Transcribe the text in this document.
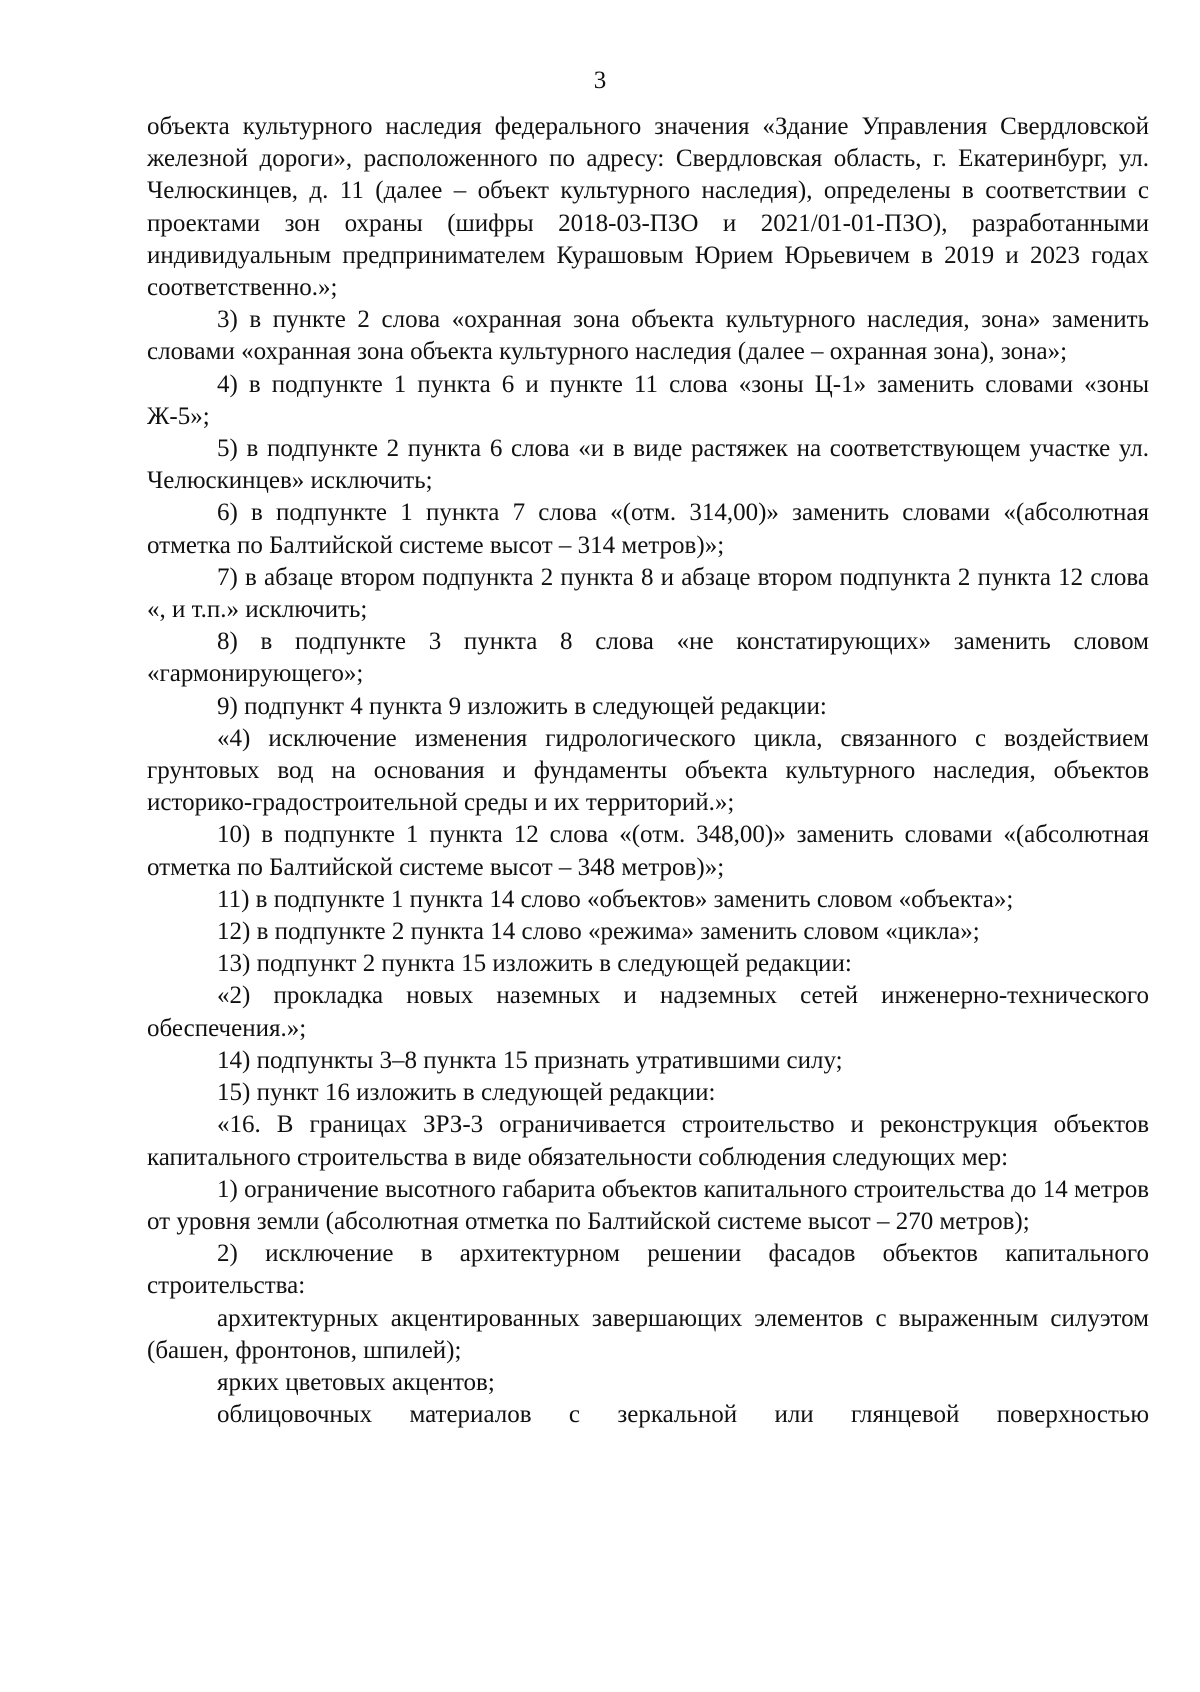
3

объекта культурного наследия федерального значения «Здание Управления Свердловской железной дороги», расположенного по адресу: Свердловская область, г. Екатеринбург, ул. Челюскинцев, д. 11 (далее – объект культурного наследия), определены в соответствии с проектами зон охраны (шифры 2018-03-ПЗО и 2021/01-01-ПЗО), разработанными индивидуальным предпринимателем Курашовым Юрием Юрьевичем в 2019 и 2023 годах соответственно.»;

3) в пункте 2 слова «охранная зона объекта культурного наследия, зона» заменить словами «охранная зона объекта культурного наследия (далее – охранная зона), зона»;

4) в подпункте 1 пункта 6 и пункте 11 слова «зоны Ц-1» заменить словами «зоны Ж-5»;

5) в подпункте 2 пункта 6 слова «и в виде растяжек на соответствующем участке ул. Челюскинцев» исключить;

6) в подпункте 1 пункта 7 слова «(отм. 314,00)» заменить словами «(абсолютная отметка по Балтийской системе высот – 314 метров)»;

7) в абзаце втором подпункта 2 пункта 8 и абзаце втором подпункта 2 пункта 12 слова «, и т.п.» исключить;

8) в подпункте 3 пункта 8 слова «не констатирующих» заменить словом «гармонирующего»;

9) подпункт 4 пункта 9 изложить в следующей редакции:

«4) исключение изменения гидрологического цикла, связанного с воздействием грунтовых вод на основания и фундаменты объекта культурного наследия, объектов историко-градостроительной среды и их территорий.»;

10) в подпункте 1 пункта 12 слова «(отм. 348,00)» заменить словами «(абсолютная отметка по Балтийской системе высот – 348 метров)»;

11) в подпункте 1 пункта 14 слово «объектов» заменить словом «объекта»;

12) в подпункте 2 пункта 14 слово «режима» заменить словом «цикла»;

13) подпункт 2 пункта 15 изложить в следующей редакции:

«2) прокладка новых наземных и надземных сетей инженерно-технического обеспечения.»;

14) подпункты 3–8 пункта 15 признать утратившими силу;

15) пункт 16 изложить в следующей редакции:

«16. В границах ЗРЗ-3 ограничивается строительство и реконструкция объектов капитального строительства в виде обязательности соблюдения следующих мер:

1) ограничение высотного габарита объектов капитального строительства до 14 метров от уровня земли (абсолютная отметка по Балтийской системе высот – 270 метров);

2) исключение в архитектурном решении фасадов объектов капитального строительства:

архитектурных акцентированных завершающих элементов с выраженным силуэтом (башен, фронтонов, шпилей);

ярких цветовых акцентов;

облицовочных материалов с зеркальной или глянцевой поверхностью
